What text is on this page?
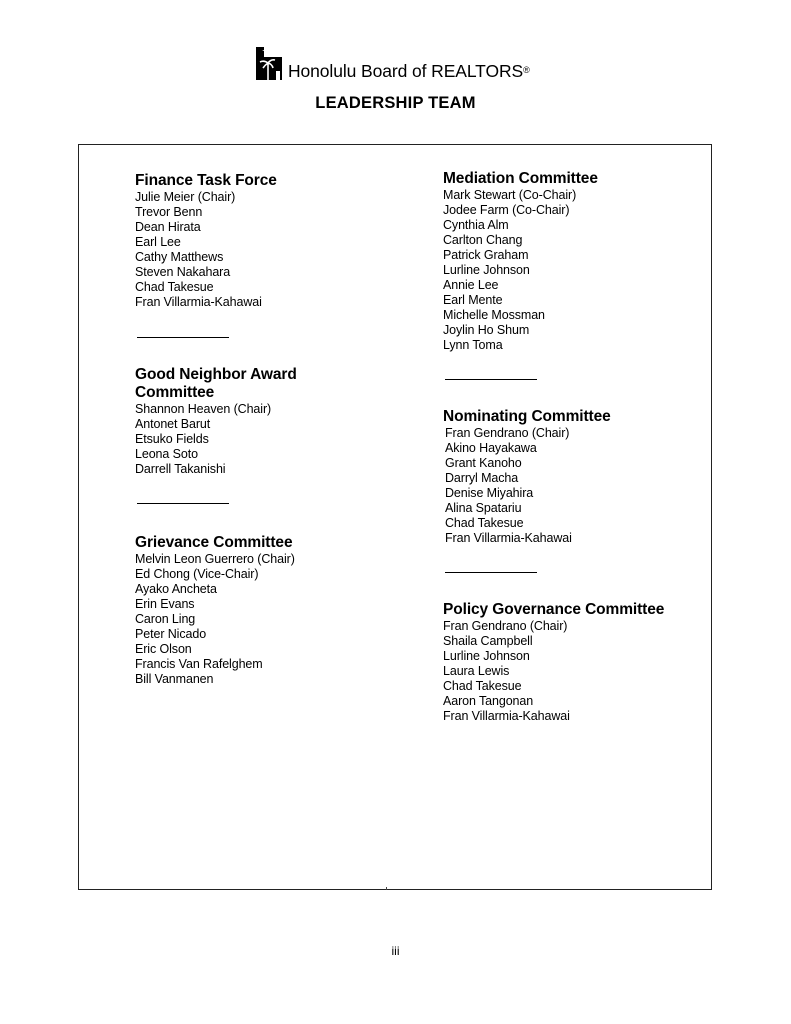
Honolulu Board of REALTORS®
LEADERSHIP TEAM
Finance Task Force
Julie Meier (Chair)
Trevor Benn
Dean Hirata
Earl Lee
Cathy Matthews
Steven Nakahara
Chad Takesue
Fran Villarmia-Kahawai
Good Neighbor Award
Committee
Shannon Heaven (Chair)
Antonet Barut
Etsuko Fields
Leona Soto
Darrell Takanishi
Grievance Committee
Melvin Leon Guerrero (Chair)
Ed Chong (Vice-Chair)
Ayako Ancheta
Erin Evans
Caron Ling
Peter Nicado
Eric Olson
Francis Van Rafelghem
Bill Vanmanen
Mediation Committee
Mark Stewart (Co-Chair)
Jodee Farm (Co-Chair)
Cynthia Alm
Carlton Chang
Patrick Graham
Lurline Johnson
Annie Lee
Earl Mente
Michelle Mossman
Joylin Ho Shum
Lynn Toma
Nominating Committee
Fran Gendrano (Chair)
Akino Hayakawa
Grant Kanoho
Darryl Macha
Denise Miyahira
Alina Spatariu
Chad Takesue
Fran Villarmia-Kahawai
Policy Governance Committee
Fran Gendrano (Chair)
Shaila Campbell
Lurline Johnson
Laura Lewis
Chad Takesue
Aaron Tangonan
Fran Villarmia-Kahawai
iii
